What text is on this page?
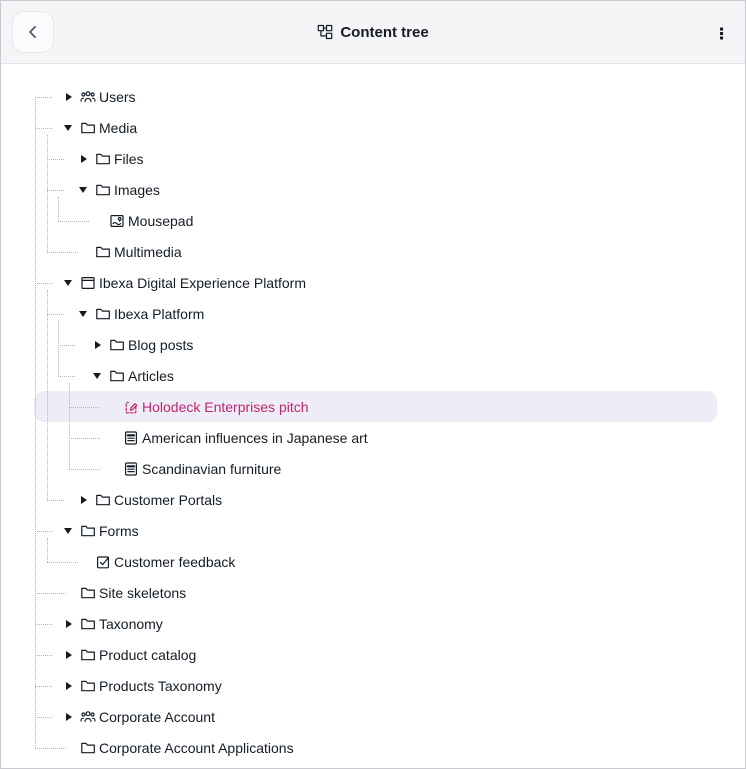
Content tree
Users
Media
Files
Images
Mousepad
Multimedia
Ibexa Digital Experience Platform
Ibexa Platform
Blog posts
Articles
Holodeck Enterprises pitch
American influences in Japanese art
Scandinavian furniture
Customer Portals
Forms
Customer feedback
Site skeletons
Taxonomy
Product catalog
Products Taxonomy
Corporate Account
Corporate Account Applications
